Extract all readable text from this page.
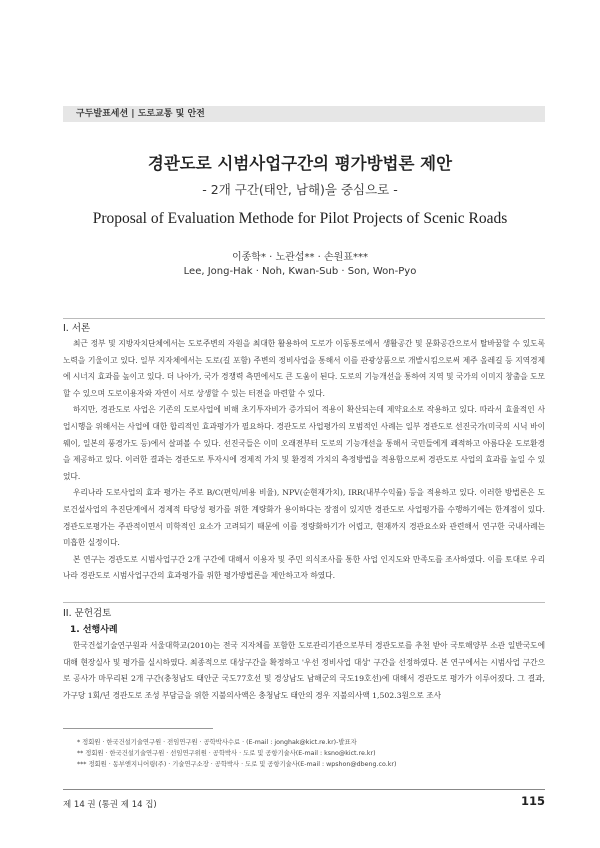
구두발표세션 | 도로교통 및 안전
경관도로 시범사업구간의 평가방법론 제안
- 2개 구간(태안, 남해)을 중심으로 -
Proposal of Evaluation Methode for Pilot Projects of Scenic Roads
이종학* · 노관섭** · 손원표***
Lee, Jong-Hak · Noh, Kwan-Sub · Son, Won-Pyo
I. 서론

최근 정부 및 지방자치단체에서는 도로주변의 자원을 최대한 활용하여 도로가 이동통로에서 생활공간 및 문화공간으로서 탈바꿈할 수 있도록 노력을 기울이고 있다. 일부 지자체에서는 도로(길 포함) 주변의 정비사업을 통해서 이를 관광상품으로 개발시킴으로써 제주 올레길 등 지역경제에 시너지 효과를 높이고 있다. 더 나아가, 국가 경쟁력 측면에서도 큰 도움이 된다. 도로의 기능개선을 통하여 지역 및 국가의 이미지 창출을 도모할 수 있으며 도로이용자와 자연이 서로 상생할 수 있는 터전을 마련할 수 있다.

하지만, 경관도로 사업은 기존의 도로사업에 비해 초기투자비가 증가되어 적용이 확산되는데 제약요소로 작용하고 있다. 따라서 효율적인 사업시행을 위해서는 사업에 대한 합리적인 효과평가가 필요하다. 경관도로 사업평가의 모범적인 사례는 일부 경관도로 선진국가(미국의 시닉 바이웨이, 일본의 풍경가도 등)에서 살펴볼 수 있다. 선진국들은 이미 오래전부터 도로의 기능개선을 통해서 국민들에게 쾌적하고 아름다운 도로환경을 제공하고 있다. 이러한 결과는 경관도로 투자시에 경제적 가치 및 환경적 가치의 측정방법을 적용함으로써 경관도로 사업의 효과를 높일 수 있었다.

우리나라 도로사업의 효과 평가는 주로 B/C(편익/비용 비율), NPV(순현재가치), IRR(내부수익률) 등을 적용하고 있다. 이러한 방법론은 도로건설사업의 추진단계에서 경제적 타당성 평가를 위한 계량화가 용이하다는 장점이 있지만 경관도로 사업평가를 수행하기에는 한계점이 있다. 경관도로평가는 주관적이면서 미학적인 요소가 고려되기 때문에 이를 정량화하기가 어렵고, 현재까지 경관요소와 관련해서 연구한 국내사례는 미흡한 실정이다.

본 연구는 경관도로 시범사업구간 2개 구간에 대해서 이용자 및 주민 의식조사를 통한 사업 인지도와 만족도를 조사하였다. 이를 토대로 우리나라 경관도로 시범사업구간의 효과평가를 위한 평가방법론을 제안하고자 하였다.

II. 문헌검토
1. 선행사례

한국건설기술연구원과 서울대학교(2010)는 전국 지자체를 포함한 도로관리기관으로부터 경관도로를 추천 받아 국토해양부 소관 일반국도에 대해 현장실사 및 평가를 실시하였다. 최종적으로 대상구간을 확정하고 '우선 정비사업 대상' 구간을 선정하였다. 본 연구에서는 시범사업 구간으로 공사가 마무리된 2개 구간(충청남도 태안군 국도77호선 및 경상남도 남해군의 국도19호선)에 대해서 경관도로 평가가 이루어졌다. 그 결과, 가구당 1회/년 경관도로 조성 부담금을 위한 지불의사액은 충청남도 태안의 경우 지불의사액 1,502.3원으로 조사

* 정회원 · 한국건설기술연구원 · 전임연구원 · 공학박사수료 · (E-mail : jonghak@kict.re.kr)-발표자
** 정회원 · 한국건설기술연구원 · 선임연구위원 · 공학박사 · 도로 및 공항기술사(E-mail : ksno@kict.re.kr)
*** 정회원 · 동부엔지니어링(주) · 기술연구소장 · 공학박사 · 도로 및 공항기술사(E-mail : wpshon@dbeng.co.kr)
제 14 권 (통권 제 14 집)	115
